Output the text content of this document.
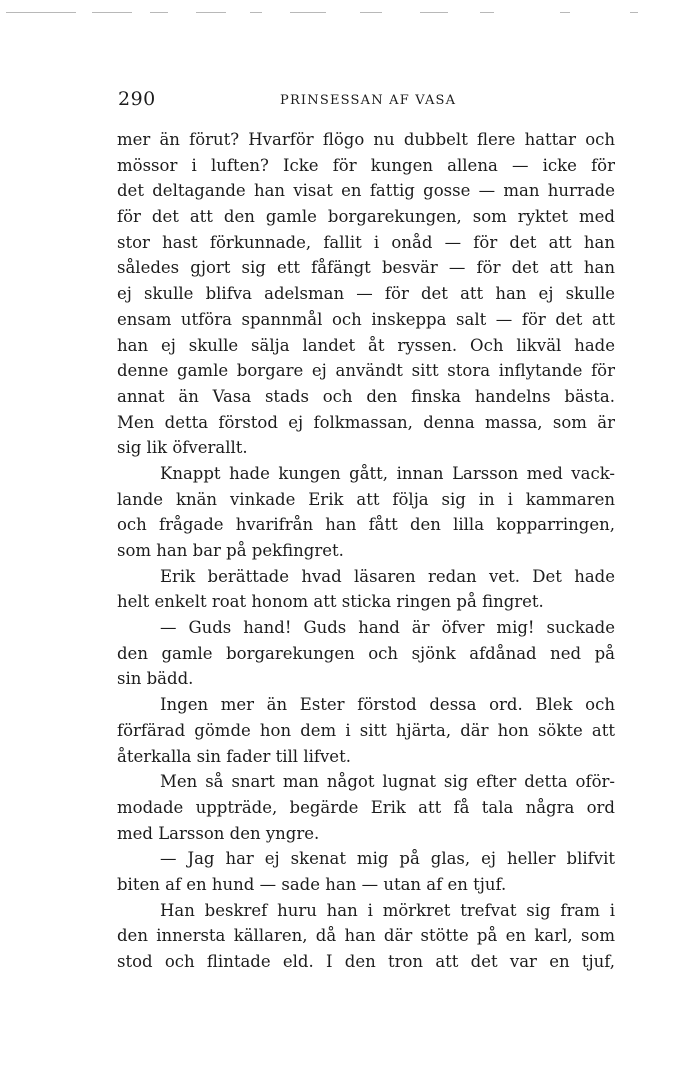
290	PRINSESSAN AF VASA
mer än förut? Hvarför flögo nu dubbelt flere hattar och
mössor i luften? Icke för kungen allena — icke för
det deltagande han visat en fattig gosse — man hurrade
för det att den gamle borgarekungen, som ryktet med
stor hast förkunnade, fallit i onåd — för det att han
således gjort sig ett fåfängt besvär — för det att han
ej skulle blifva adelsman — för det att han ej skulle
ensam utföra spannmål och inskeppa salt — för det att
han ej skulle sälja landet åt ryssen. Och likväl hade
denne gamle borgare ej användt sitt stora inflytande för
annat än Vasa stads och den finska handelns bästa.
Men detta förstod ej folkmassan, denna massa, som är
sig lik öfverallt.
Knappt hade kungen gått, innan Larsson med vack-
lande knän vinkade Erik att följa sig in i kammaren
och frågade hvarifrån han fått den lilla kopparringen,
som han bar på pekfingret.
Erik berättade hvad läsaren redan vet. Det hade
helt enkelt roat honom att sticka ringen på fingret.
— Guds hand! Guds hand är öfver mig! suckade
den gamle borgarekungen och sjönk afdånad ned på
sin bädd.
Ingen mer än Ester förstod dessa ord. Blek och
förfärad gömde hon dem i sitt hjärta, där hon sökte att
återkalla sin fader till lifvet.
Men så snart man något lugnat sig efter detta oför-
modade uppträde, begärde Erik att få tala några ord
med Larsson den yngre.
— Jag har ej skenat mig på glas, ej heller blifvit
biten af en hund — sade han — utan af en tjuf.
Han beskref huru han i mörkret trefvat sig fram i
den innersta källaren, då han där stötte på en karl, som
stod och flintade eld. I den tron att det var en tjuf,
